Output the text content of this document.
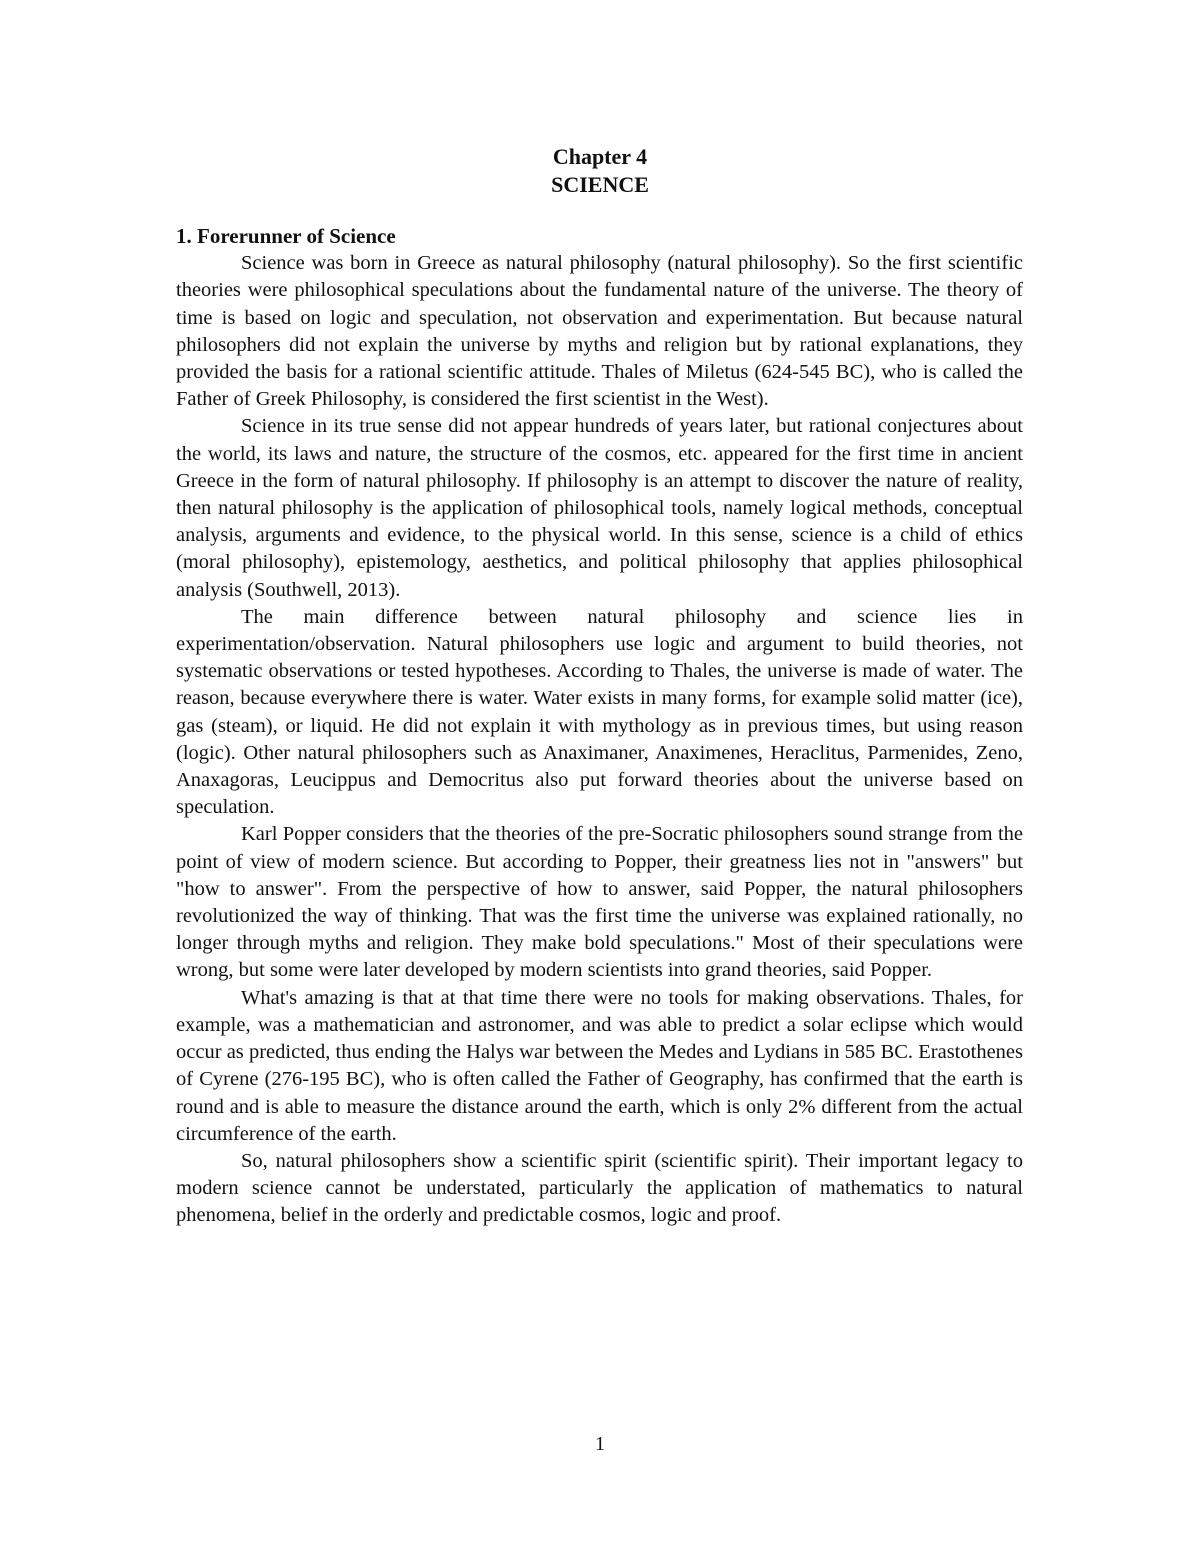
Chapter 4
SCIENCE

1. Forerunner of Science

Science was born in Greece as natural philosophy (natural philosophy). So the first scientific theories were philosophical speculations about the fundamental nature of the universe. The theory of time is based on logic and speculation, not observation and experimentation. But because natural philosophers did not explain the universe by myths and religion but by rational explanations, they provided the basis for a rational scientific attitude. Thales of Miletus (624-545 BC), who is called the Father of Greek Philosophy, is considered the first scientist in the West).

Science in its true sense did not appear hundreds of years later, but rational conjectures about the world, its laws and nature, the structure of the cosmos, etc. appeared for the first time in ancient Greece in the form of natural philosophy. If philosophy is an attempt to discover the nature of reality, then natural philosophy is the application of philosophical tools, namely logical methods, conceptual analysis, arguments and evidence, to the physical world. In this sense, science is a child of ethics (moral philosophy), epistemology, aesthetics, and political philosophy that applies philosophical analysis (Southwell, 2013).

The main difference between natural philosophy and science lies in experimentation/observation. Natural philosophers use logic and argument to build theories, not systematic observations or tested hypotheses. According to Thales, the universe is made of water. The reason, because everywhere there is water. Water exists in many forms, for example solid matter (ice), gas (steam), or liquid. He did not explain it with mythology as in previous times, but using reason (logic). Other natural philosophers such as Anaximaner, Anaximenes, Heraclitus, Parmenides, Zeno, Anaxagoras, Leucippus and Democritus also put forward theories about the universe based on speculation.

Karl Popper considers that the theories of the pre-Socratic philosophers sound strange from the point of view of modern science. But according to Popper, their greatness lies not in "answers" but "how to answer". From the perspective of how to answer, said Popper, the natural philosophers revolutionized the way of thinking. That was the first time the universe was explained rationally, no longer through myths and religion. They make bold speculations." Most of their speculations were wrong, but some were later developed by modern scientists into grand theories, said Popper.

What's amazing is that at that time there were no tools for making observations. Thales, for example, was a mathematician and astronomer, and was able to predict a solar eclipse which would occur as predicted, thus ending the Halys war between the Medes and Lydians in 585 BC. Erastothenes of Cyrene (276-195 BC), who is often called the Father of Geography, has confirmed that the earth is round and is able to measure the distance around the earth, which is only 2% different from the actual circumference of the earth.

So, natural philosophers show a scientific spirit (scientific spirit). Their important legacy to modern science cannot be understated, particularly the application of mathematics to natural phenomena, belief in the orderly and predictable cosmos, logic and proof.

1
